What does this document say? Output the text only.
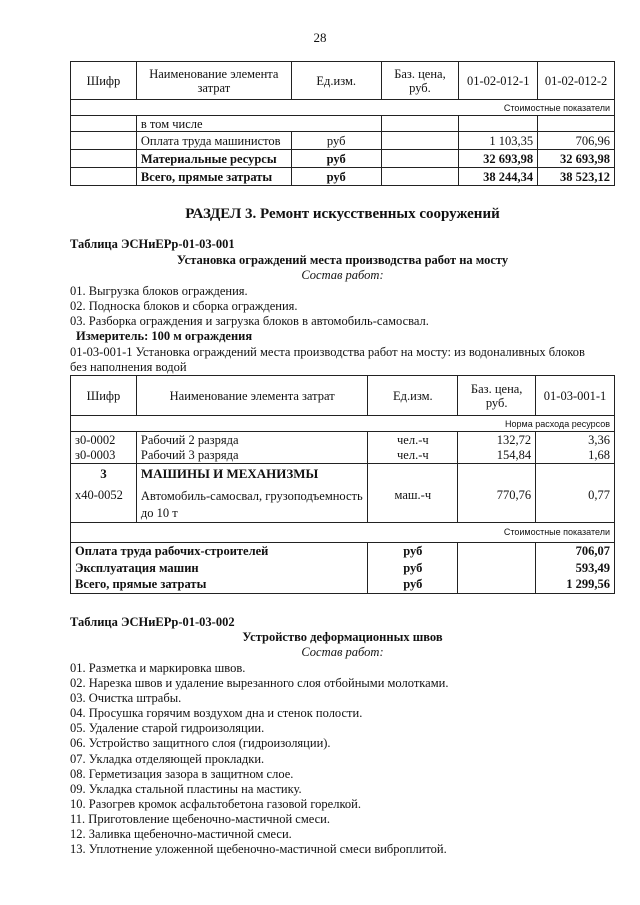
28
Шифр	Наименование элемента затрат	Ед.изм.	Баз. цена, руб.	01-02-012-1	01-02-012-2
Стоимостные показатели					
	в том числе				
	Оплата труда машинистов	руб		1 103,35	706,96
	Материальные ресурсы	руб		32 693,98	32 693,98
	Всего, прямые затраты	руб		38 244,34	38 523,12
РАЗДЕЛ 3. Ремонт искусственных сооружений
Таблица ЭСНиЕРр-01-03-001
Установка ограждений места производства работ на мосту
Состав работ:
01. Выгрузка блоков ограждения.
02. Подноска блоков и сборка ограждения.
03. Разборка ограждения и загрузка блоков в автомобиль-самосвал.
Измеритель: 100 м ограждения
01-03-001-1 Установка ограждений места производства работ на мосту: из водоналивных блоков
без наполнения водой
Шифр	Наименование элемента затрат	Ед.изм.	Баз. цена, руб.	01-03-001-1
Норма расхода ресурсов				
з0-0002	Рабочий 2 разряда	чел.-ч	132,72	3,36
з0-0003	Рабочий 3 разряда	чел.-ч	154,84	1,68
3	МАШИНЫ И МЕХАНИЗМЫ			
х40-0052	Автомобиль-самосвал, грузоподъемность
до 10 т	маш.-ч	770,76	0,77
Стоимостные показатели				
Оплата труда рабочих-строителей		руб		706,07
Эксплуатация машин		руб		593,49
Всего, прямые затраты		руб		1 299,56
Таблица ЭСНиЕРр-01-03-002
Устройство деформационных швов
Состав работ:
01. Разметка и маркировка швов.
02. Нарезка швов и удаление вырезанного слоя отбойными молотками.
03. Очистка штрабы.
04. Просушка горячим воздухом дна и стенок полости.
05. Удаление старой гидроизоляции.
06. Устройство защитного слоя (гидроизоляции).
07. Укладка отделяющей прокладки.
08. Герметизация зазора в защитном слое.
09. Укладка стальной пластины на мастику.
10. Разогрев кромок асфальтобетона газовой горелкой.
11. Приготовление щебеночно-мастичной смеси.
12. Заливка щебеночно-мастичной смеси.
13. Уплотнение уложенной щебеночно-мастичной смеси виброплитой.
